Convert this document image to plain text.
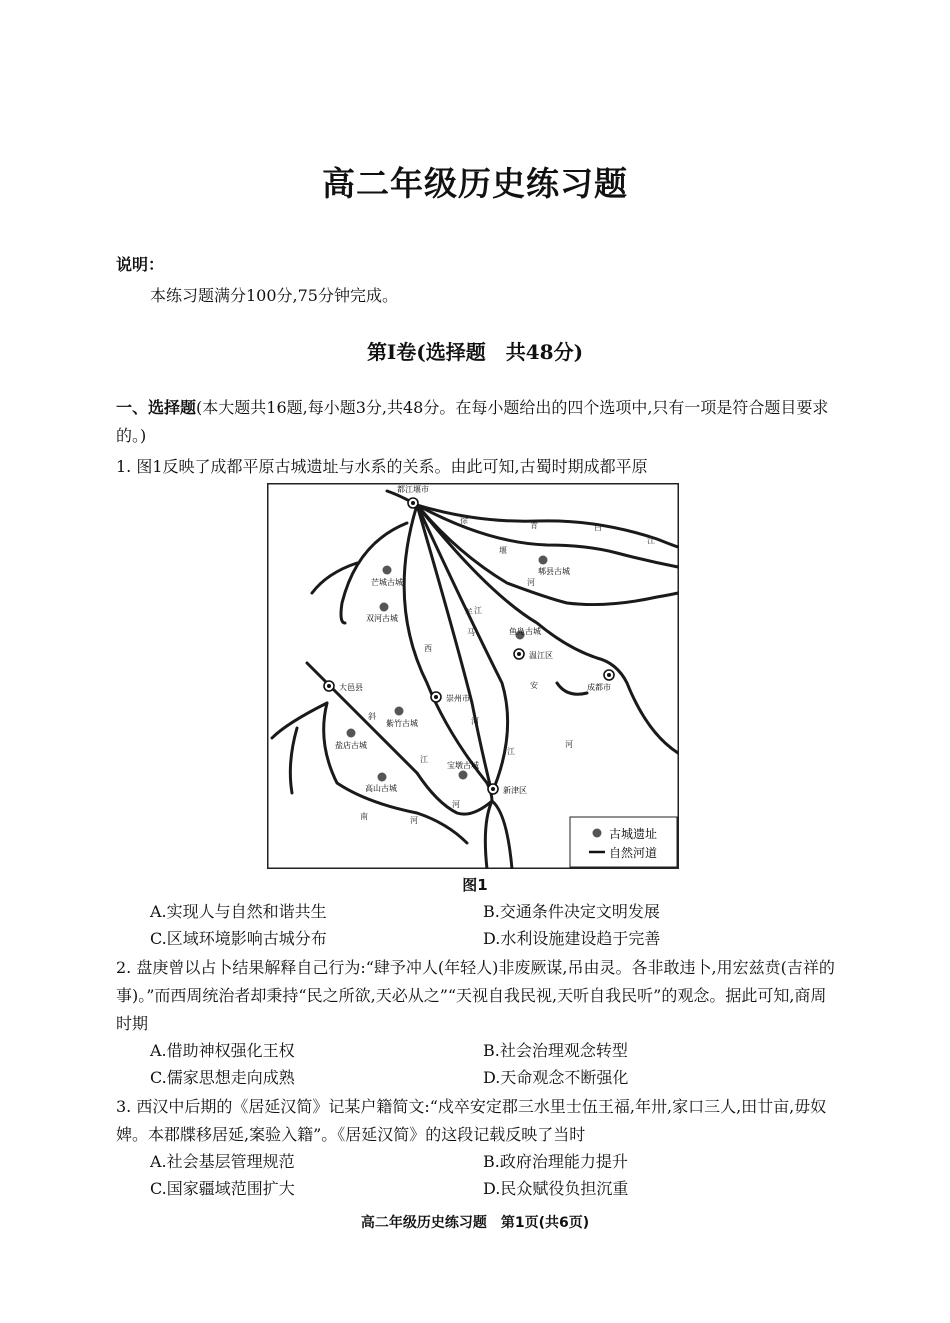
高二年级历史练习题
说明：
本练习题满分100分,75分钟完成。
第Ⅰ卷(选择题　共48分)
一、选择题(本大题共16题,每小题3分,共48分。在每小题给出的四个选项中,只有一项是符合题目要求的。)
1. 图1反映了成都平原古城遗址与水系的关系。由此可知,古蜀时期成都平原
都江堰市
大邑县
崇州市
温江区
成都市
新津区
芒城古城
双河古城
郫县古城
鱼凫古城
紫竹古城
盐店古城
宝墩古城
高山古城
徐
青	白
江
堰
河
江
西
河
斜
江
河
南	河
江
安
河
羊
马
古城遗址
自然河道
图1
A.实现人与自然和谐共生	B.交通条件决定文明发展
C.区域环境影响古城分布	D.水利设施建设趋于完善
2. 盘庚曾以占卜结果解释自己行为:“肆予冲人(年轻人)非废厥谋,吊由灵。各非敢违卜,用宏兹贲(吉祥的事)。”而西周统治者却秉持“民之所欲,天必从之”“天视自我民视,天听自我民听”的观念。据此可知,商周时期
A.借助神权强化王权	B.社会治理观念转型
C.儒家思想走向成熟	D.天命观念不断强化
3. 西汉中后期的《居延汉简》记某户籍简文:“戍卒安定郡三水里士伍王福,年卅,家口三人,田廿亩,毋奴婢。本郡牒移居延,案验入籍”。《居延汉简》的这段记载反映了当时
A.社会基层管理规范	B.政府治理能力提升
C.国家疆域范围扩大	D.民众赋役负担沉重
高二年级历史练习题　第1页(共6页)
